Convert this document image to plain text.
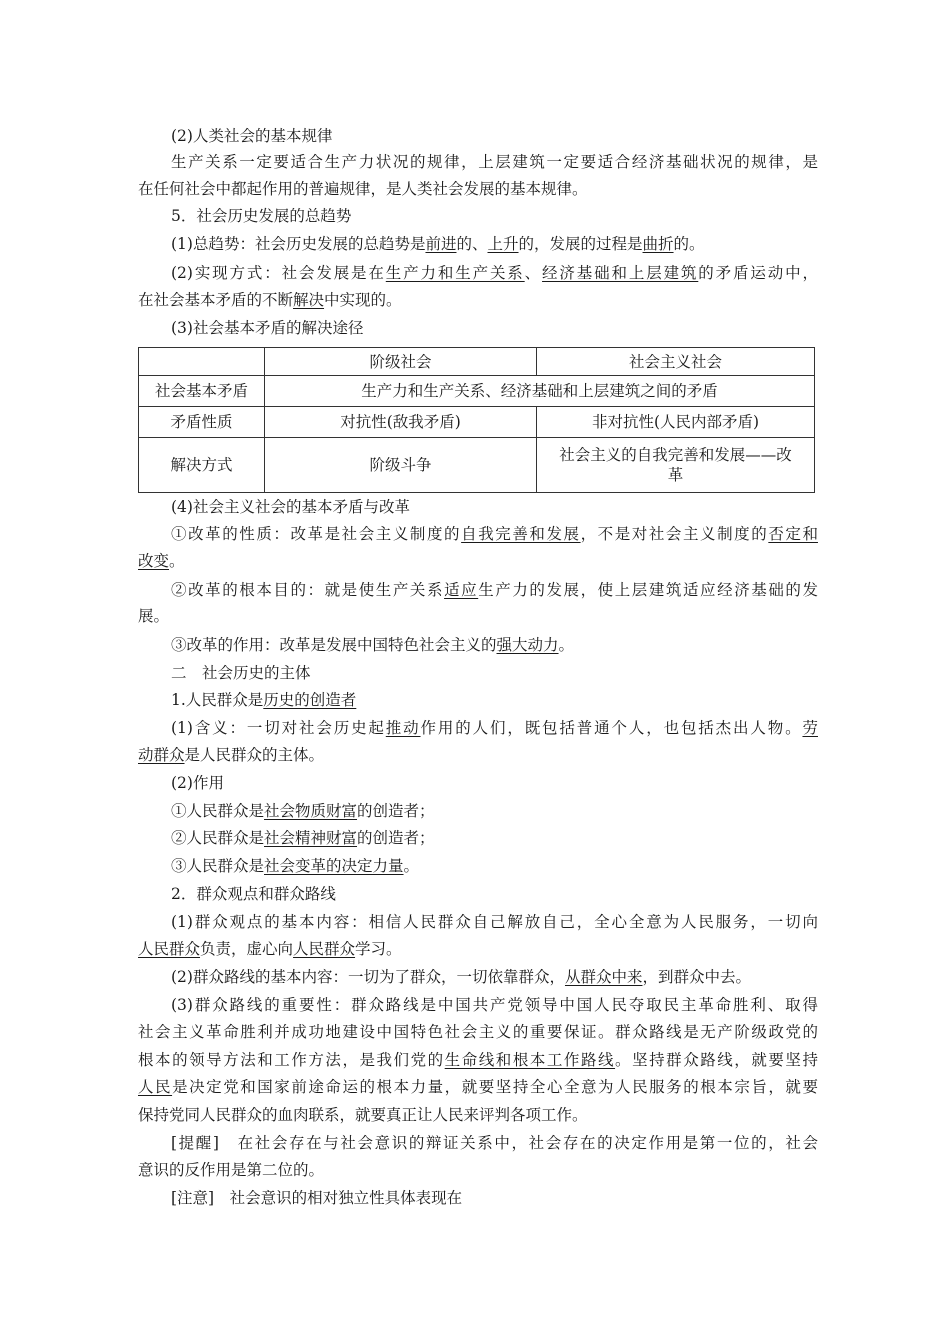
(2)人类社会的基本规律
生产关系一定要适合生产力状况的规律，上层建筑一定要适合经济基础状况的规律，是
在任何社会中都起作用的普遍规律，是人类社会发展的基本规律。
5．社会历史发展的总趋势
(1)总趋势：社会历史发展的总趋势是前进的、上升的，发展的过程是曲折的。
(2)实现方式：社会发展是在生产力和生产关系、经济基础和上层建筑的矛盾运动中，
在社会基本矛盾的不断解决中实现的。
(3)社会基本矛盾的解决途径
	阶级社会	社会主义社会
社会基本矛盾	生产力和生产关系、经济基础和上层建筑之间的矛盾	
矛盾性质	对抗性(敌我矛盾)	非对抗性(人民内部矛盾)
解决方式	阶级斗争	社会主义的自我完善和发展——改
革
(4)社会主义社会的基本矛盾与改革
①改革的性质：改革是社会主义制度的自我完善和发展，不是对社会主义制度的否定和
改变。
②改革的根本目的：就是使生产关系适应生产力的发展，使上层建筑适应经济基础的发
展。
③改革的作用：改革是发展中国特色社会主义的强大动力。
二　社会历史的主体
1.人民群众是历史的创造者
(1)含义：一切对社会历史起推动作用的人们，既包括普通个人，也包括杰出人物。劳
动群众是人民群众的主体。
(2)作用
①人民群众是社会物质财富的创造者；
②人民群众是社会精神财富的创造者；
③人民群众是社会变革的决定力量。
2．群众观点和群众路线
(1)群众观点的基本内容：相信人民群众自己解放自己，全心全意为人民服务，一切向
人民群众负责，虚心向人民群众学习。
(2)群众路线的基本内容：一切为了群众，一切依靠群众，从群众中来，到群众中去。
(3)群众路线的重要性：群众路线是中国共产党领导中国人民夺取民主革命胜利、取得
社会主义革命胜利并成功地建设中国特色社会主义的重要保证。群众路线是无产阶级政党的
根本的领导方法和工作方法，是我们党的生命线和根本工作路线。坚持群众路线，就要坚持
人民是决定党和国家前途命运的根本力量，就要坚持全心全意为人民服务的根本宗旨，就要
保持党同人民群众的血肉联系，就要真正让人民来评判各项工作。
[提醒]　在社会存在与社会意识的辩证关系中，社会存在的决定作用是第一位的，社会
意识的反作用是第二位的。
[注意]　社会意识的相对独立性具体表现在
